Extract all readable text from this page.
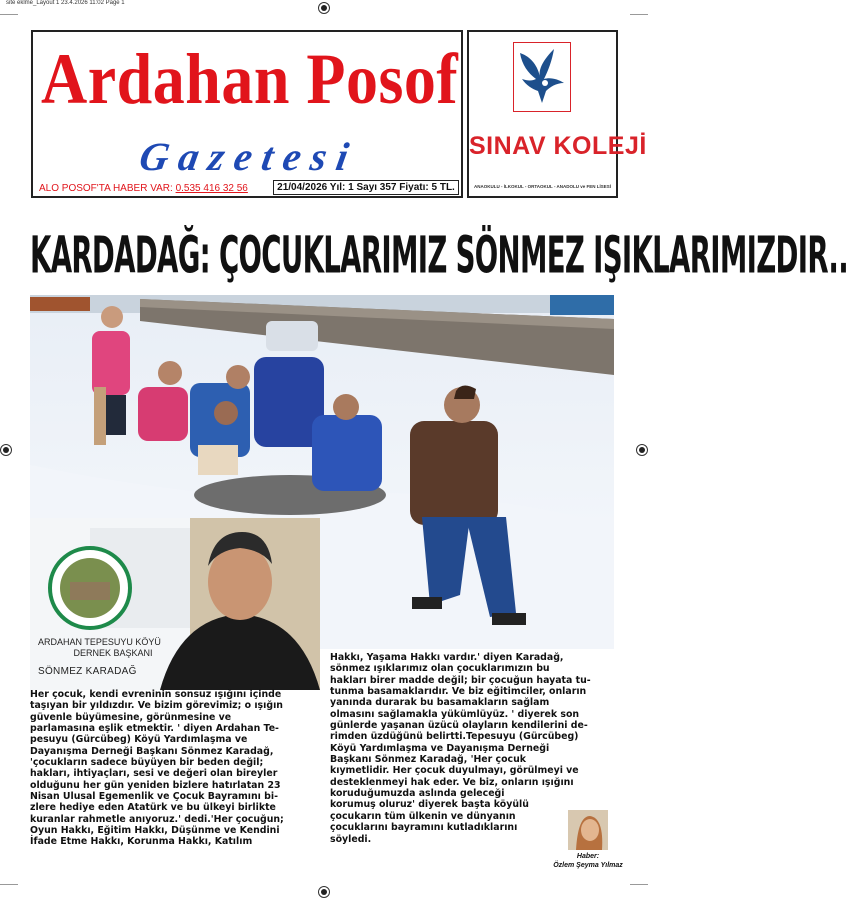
site eklme_Layout 1 23.4.2026 11:02 Page 1
Ardahan Posof
Gazetesi
ALO POSOF'TA HABER VAR: 0.535 416 32 56	21/04/2026 Yıl: 1 Sayı 357 Fiyatı: 5 TL.
SINAV KOLEJİ
ANAOKULU - İLKOKUL - ORTAOKUL - ANADOLU ve FEN LİSESİ
KARDADAĞ: ÇOCUKLARIMIZ SÖNMEZ IŞIKLARIMIZDIR..
ARDAHAN TEPESUYU KÖYÜ
DERNEK BAŞKANI
SÖNMEZ KARADAĞ

Her çocuk, kendi evreninin sonsuz ışığını içinde

taşıyan bir yıldızdır. Ve bizim görevimiz; o ışığın

güvenle büyümesine, görünmesine ve

parlamasına eşlik etmektir. ' diyen Ardahan Te-

pesuyu (Gürcübeg) Köyü Yardımlaşma ve

Dayanışma Derneği Başkanı Sönmez Karadağ,

'çocukların sadece büyüyen bir beden değil;

hakları, ihtiyaçları, sesi ve değeri olan bireyler

olduğunu her gün yeniden bizlere hatırlatan 23

Nisan Ulusal Egemenlik ve Çocuk Bayramını bi-

zlere hediye eden Atatürk ve bu ülkeyi birlikte

kuranlar rahmetle anıyoruz.' dedi.'Her çocuğun;

Oyun Hakkı, Eğitim Hakkı, Düşünme ve Kendini

İfade Etme Hakkı, Korunma Hakkı, Katılım

Hakkı, Yaşama Hakkı vardır.' diyen Karadağ,

sönmez ışıklarımız olan çocuklarımızın bu

hakları birer madde değil; bir çocuğun hayata tu-

tunma basamaklarıdır. Ve biz eğitimciler, onların

yanında durarak bu basamakların sağlam

olmasını sağlamakla yükümlüyüz. ' diyerek son

günlerde yaşanan üzücü olayların kendilerini de-

rimden üzdüğünü belirtti.Tepesuyu (Gürcübeg)

Köyü Yardımlaşma ve Dayanışma Derneği

Başkanı Sönmez Karadağ, 'Her çocuk

kıymetlidir. Her çocuk duyulmayı, görülmeyi ve

desteklenmeyi hak eder. Ve biz, onların ışığını

koruduğumuzda aslında geleceği

korumuş oluruz' diyerek başta köyülü

çocukarın tüm ülkenin ve dünyanın

çocuklarını bayramını kutladıklarını

söyledi.

Haber:
Özlem Şeyma Yılmaz
